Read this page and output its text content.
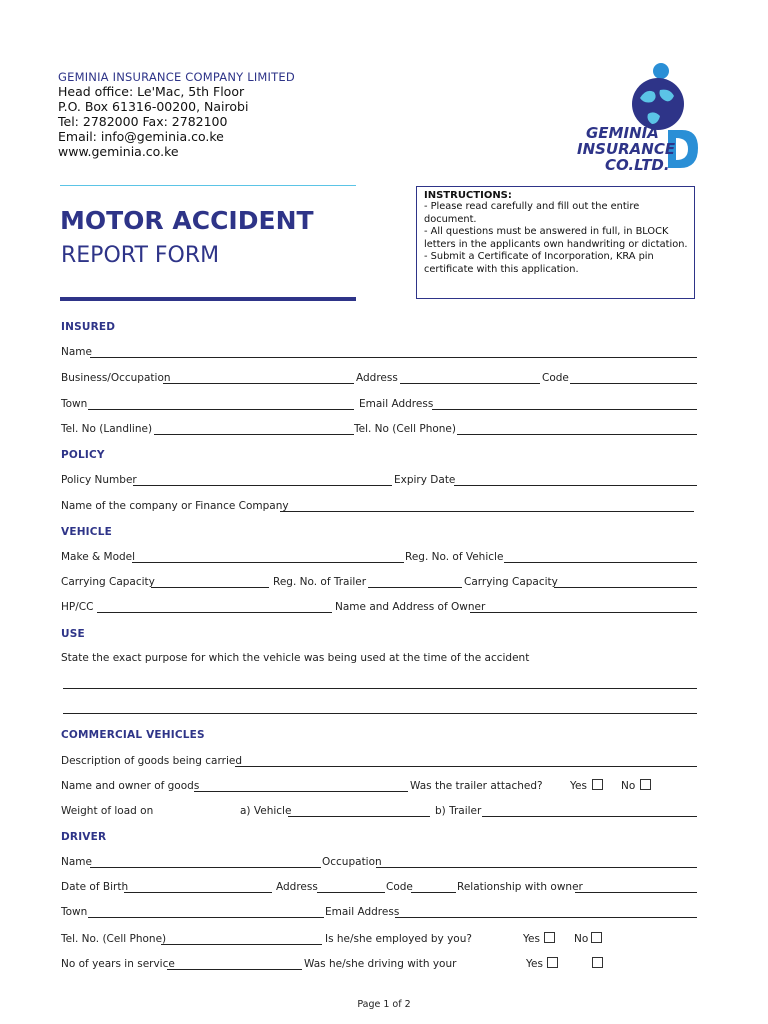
GEMINIA INSURANCE COMPANY LIMITED
Head office: Le'Mac, 5th Floor
P.O. Box 61316-00200, Nairobi
Tel: 2782000 Fax: 2782100
Email: info@geminia.co.ke
www.geminia.co.ke
GEMINIA
INSURANCE
CO.LTD.
MOTOR ACCIDENT
REPORT FORM
INSTRUCTIONS:
- Please read carefully and fill out the entire document.
- All questions must be answered in full, in BLOCK
letters in the applicants own handwriting or dictation.
- Submit a Certificate of Incorporation, KRA pin
certificate with this application.
INSURED
Name
Business/Occupation	Address	Code
Town	Email Address
Tel. No (Landline)	Tel. No (Cell Phone)
POLICY
Policy Number	Expiry Date
Name of the company or Finance Company
VEHICLE
Make & Model	Reg. No. of Vehicle
Carrying Capacity	Reg. No. of Trailer	Carrying Capacity
HP/CC	Name and Address of Owner
USE
State the exact purpose for which the vehicle was being used at the time of the accident
COMMERCIAL VEHICLES
Description of goods being carried
Name and owner of goods	Was the trailer attached?	Yes	No
Weight of load on	a) Vehicle	b) Trailer
DRIVER
Name	Occupation
Date of Birth	Address	Code	Relationship with owner
Town	Email Address
Tel. No. (Cell Phone)	Is he/she employed by you?	Yes	No
No of years in service	Was he/she driving with your	Yes
Page 1 of 2
